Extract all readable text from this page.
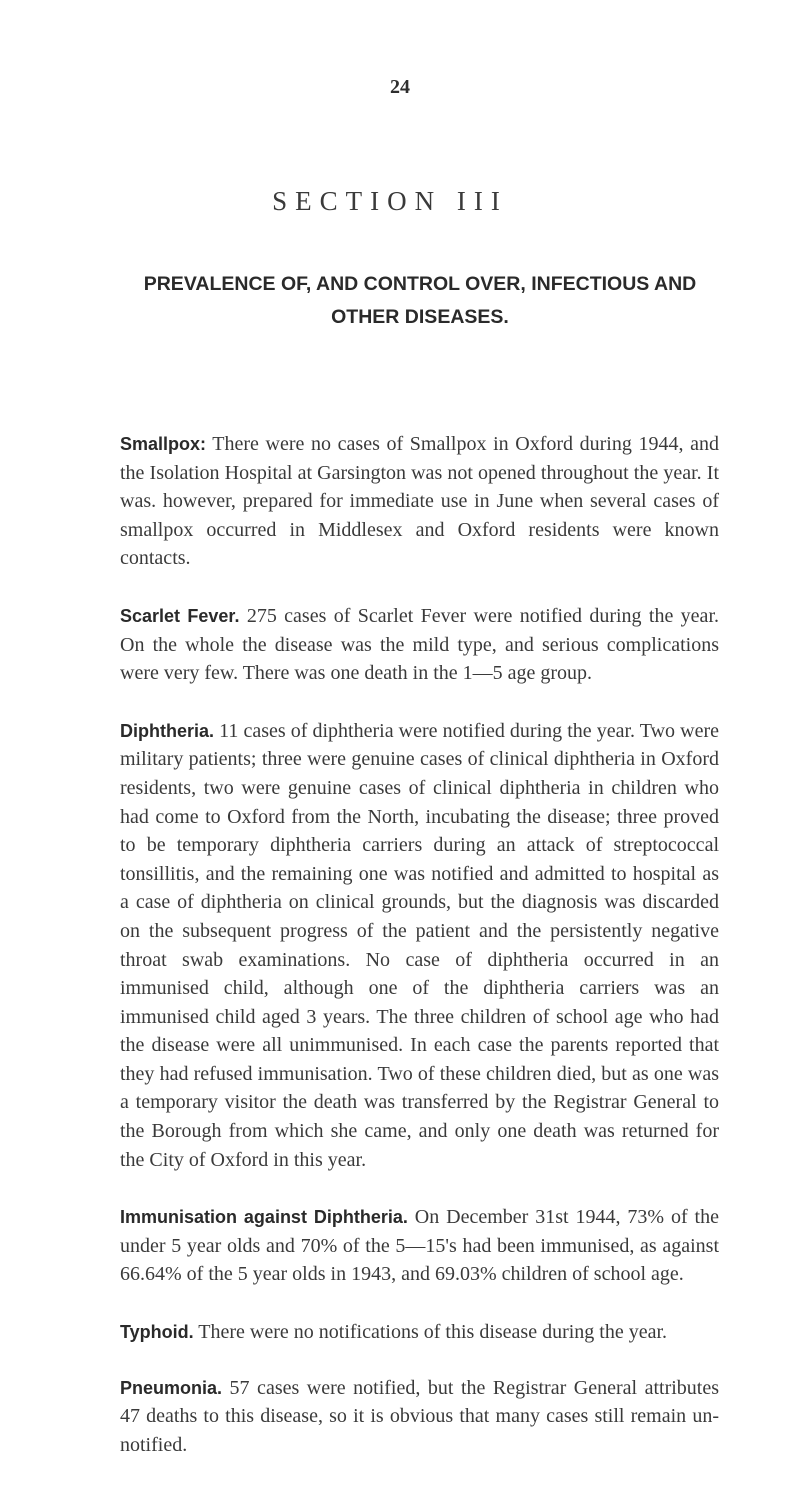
24
SECTION III
PREVALENCE OF, AND CONTROL OVER, INFECTIOUS AND OTHER DISEASES.

Smallpox: There were no cases of Smallpox in Oxford during 1944, and the Isolation Hospital at Garsington was not opened throughout the year. It was. however, prepared for immediate use in June when several cases of smallpox occurred in Middlesex and Oxford residents were known contacts.

Scarlet Fever. 275 cases of Scarlet Fever were notified during the year. On the whole the disease was the mild type, and serious complications were very few. There was one death in the 1—5 age group.

Diphtheria. 11 cases of diphtheria were notified during the year. Two were military patients; three were genuine cases of clinical diphtheria in Oxford residents, two were genuine cases of clinical diphtheria in children who had come to Oxford from the North, incubating the disease; three proved to be temporary diphtheria carriers during an attack of streptococcal tonsillitis, and the remaining one was notified and admitted to hospital as a case of diphtheria on clinical grounds, but the diagnosis was discarded on the subsequent progress of the patient and the persistently negative throat swab examinations. No case of diphtheria occurred in an immunised child, although one of the diphtheria carriers was an immunised child aged 3 years. The three children of school age who had the disease were all unimmunised. In each case the parents reported that they had refused immunisation. Two of these children died, but as one was a temporary visitor the death was transferred by the Registrar General to the Borough from which she came, and only one death was returned for the City of Oxford in this year.

Immunisation against Diphtheria. On December 31st 1944, 73% of the under 5 year olds and 70% of the 5—15's had been immunised, as against 66.64% of the 5 year olds in 1943, and 69.03% children of school age.

Typhoid. There were no notifications of this disease during the year.

Pneumonia. 57 cases were notified, but the Registrar General attributes 47 deaths to this disease, so it is obvious that many cases still remain un-notified.
